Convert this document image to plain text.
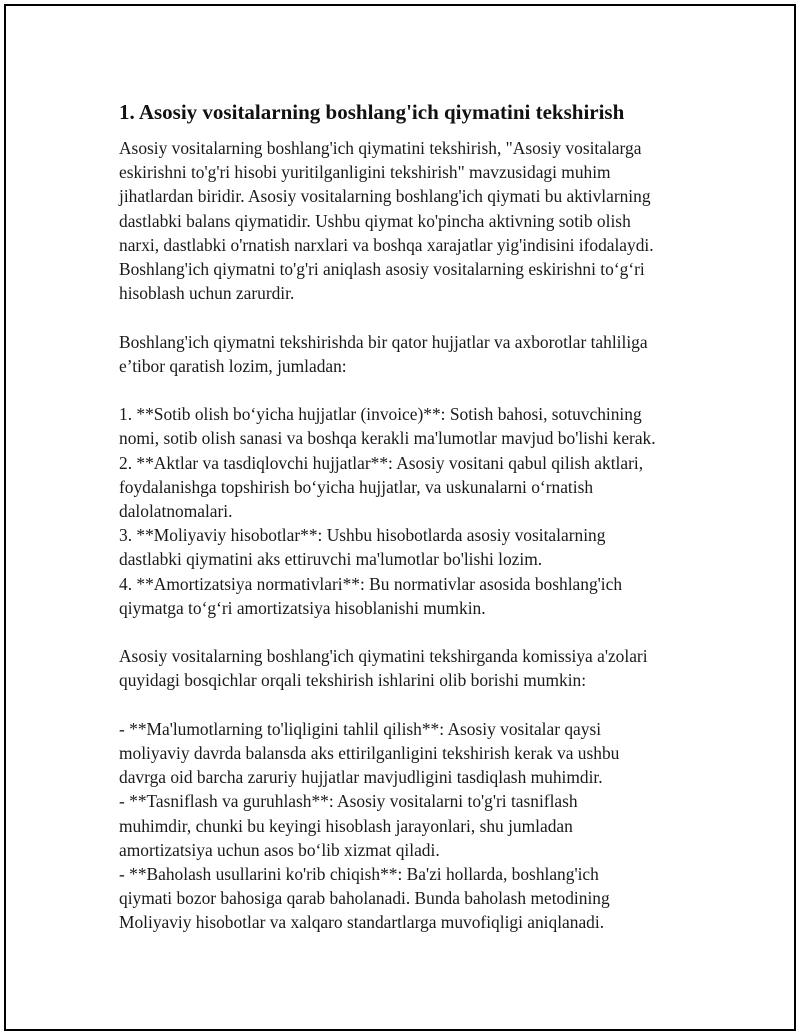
1. Asosiy vositalarning boshlang'ich qiymatini tekshirish
Asosiy vositalarning boshlang'ich qiymatini tekshirish, "Asosiy vositalarga
eskirishni to'g'ri hisobi yuritilganligini tekshirish" mavzusidagi muhim
jihatlardan biridir. Asosiy vositalarning boshlang'ich qiymati bu aktivlarning
dastlabki balans qiymatidir. Ushbu qiymat ko'pincha aktivning sotib olish
narxi, dastlabki o'rnatish narxlari va boshqa xarajatlar yig'indisini ifodalaydi.
Boshlang'ich qiymatni to'g'ri aniqlash asosiy vositalarning eskirishni to‘g‘ri
hisoblash uchun zarurdir.
Boshlang'ich qiymatni tekshirishda bir qator hujjatlar va axborotlar tahliliga
e’tibor qaratish lozim, jumladan:
1. **Sotib olish bo‘yicha hujjatlar (invoice)**: Sotish bahosi, sotuvchining
nomi, sotib olish sanasi va boshqa kerakli ma'lumotlar mavjud bo'lishi kerak.
2. **Aktlar va tasdiqlovchi hujjatlar**: Asosiy vositani qabul qilish aktlari,
foydalanishga topshirish bo‘yicha hujjatlar, va uskunalarni o‘rnatish
dalolatnomalari.
3. **Moliyaviy hisobotlar**: Ushbu hisobotlarda asosiy vositalarning
dastlabki qiymatini aks ettiruvchi ma'lumotlar bo'lishi lozim.
4. **Amortizatsiya normativlari**: Bu normativlar asosida boshlang'ich
qiymatga to‘g‘ri amortizatsiya hisoblanishi mumkin.
Asosiy vositalarning boshlang'ich qiymatini tekshirganda komissiya a'zolari
quyidagi bosqichlar orqali tekshirish ishlarini olib borishi mumkin:
- **Ma'lumotlarning to'liqligini tahlil qilish**: Asosiy vositalar qaysi
moliyaviy davrda balansda aks ettirilganligini tekshirish kerak va ushbu
davrga oid barcha zaruriy hujjatlar mavjudligini tasdiqlash muhimdir.
- **Tasniflash va guruhlash**: Asosiy vositalarni to'g'ri tasniflash
muhimdir, chunki bu keyingi hisoblash jarayonlari, shu jumladan
amortizatsiya uchun asos bo‘lib xizmat qiladi.
- **Baholash usullarini ko'rib chiqish**: Ba'zi hollarda, boshlang'ich
qiymati bozor bahosiga qarab baholanadi. Bunda baholash metodining
Moliyaviy hisobotlar va xalqaro standartlarga muvofiqligi aniqlanadi.
